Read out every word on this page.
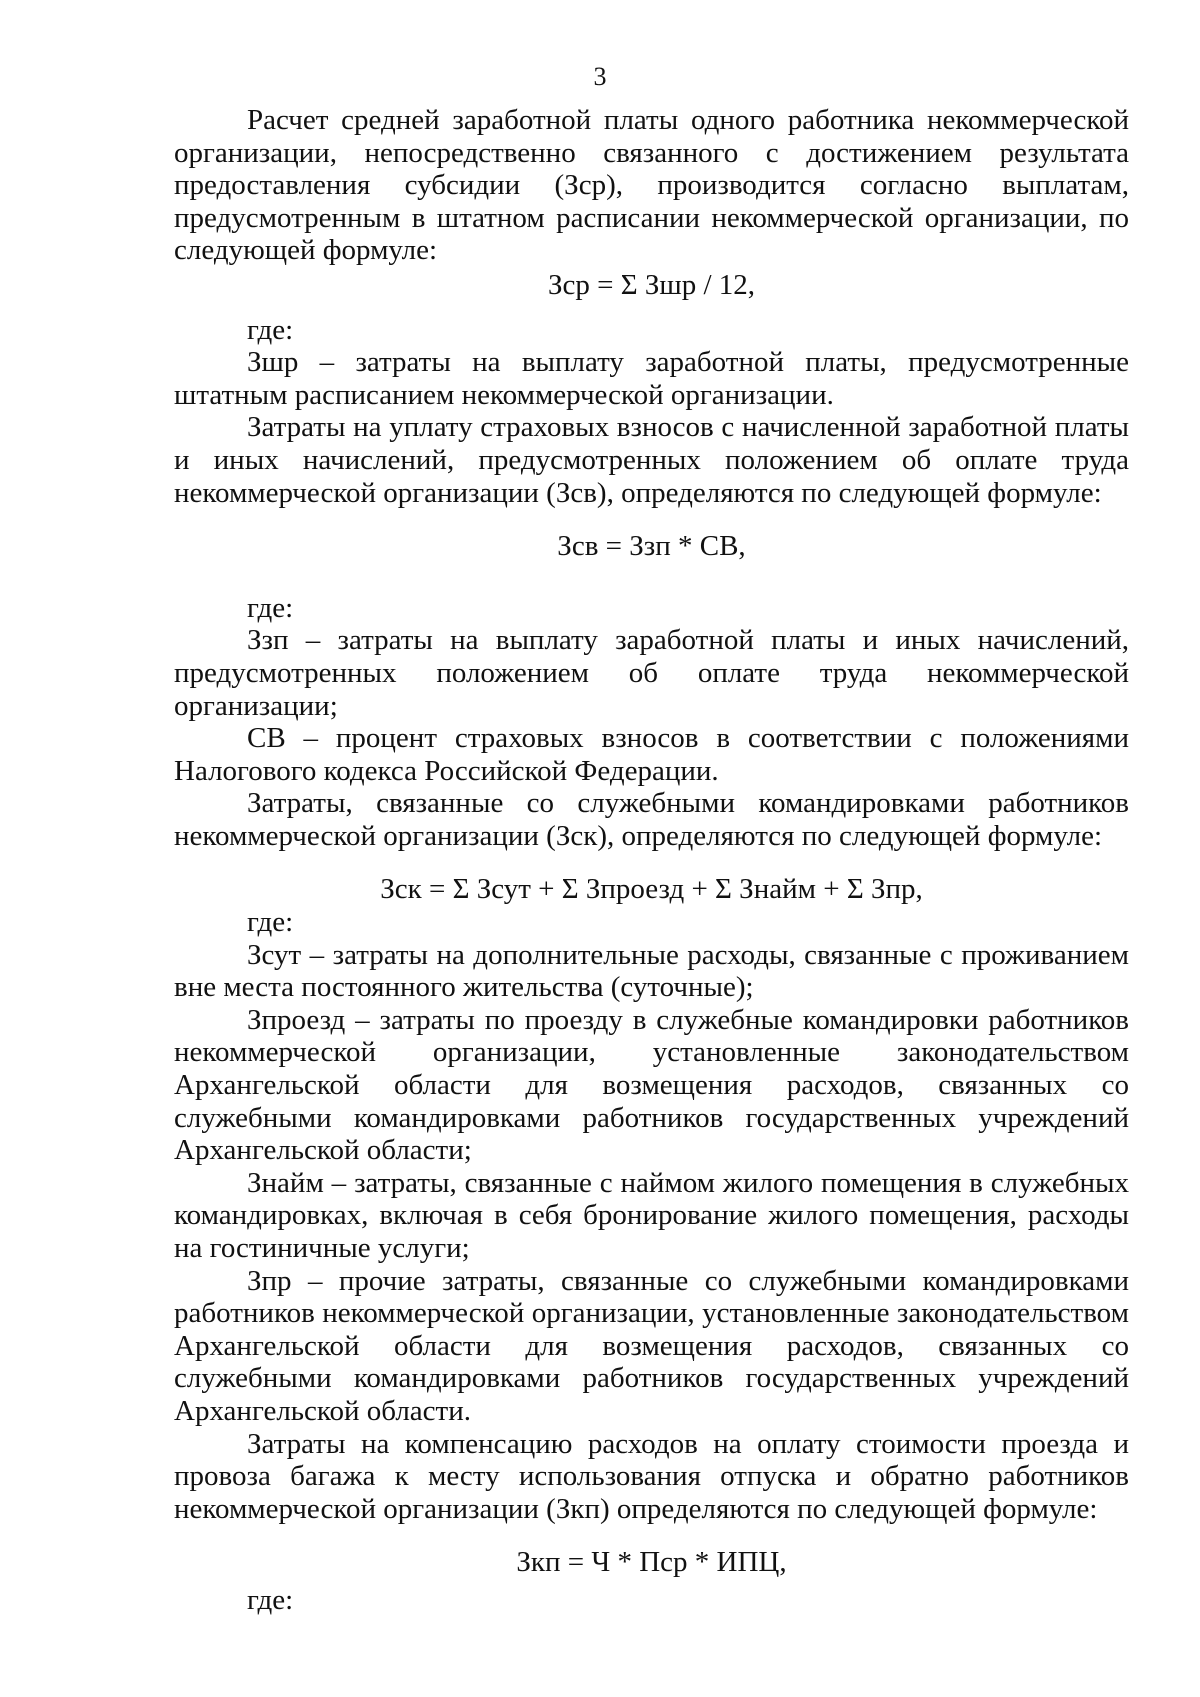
3

Расчет средней заработной платы одного работника некоммерческой организации, непосредственно связанного с достижением результата предоставления субсидии (Зср), производится согласно выплатам, предусмотренным в штатном расписании некоммерческой организации, по следующей формуле:

Зср = Σ Зшр / 12,

где:

Зшр – затраты на выплату заработной платы, предусмотренные штатным расписанием некоммерческой организации.

Затраты на уплату страховых взносов с начисленной заработной платы и иных начислений, предусмотренных положением об оплате труда некоммерческой организации (Зсв), определяются по следующей формуле:

Зсв = Ззп * СВ,

где:

Ззп – затраты на выплату заработной платы и иных начислений, предусмотренных положением об оплате труда некоммерческой организации;

СВ – процент страховых взносов в соответствии с положениями Налогового кодекса Российской Федерации.

Затраты, связанные со служебными командировками работников некоммерческой организации (Зск), определяются по следующей формуле:

Зск = Σ Зсут + Σ Зпроезд + Σ Знайм + Σ Зпр,

где:

Зсут – затраты на дополнительные расходы, связанные с проживанием вне места постоянного жительства (суточные);

Зпроезд – затраты по проезду в служебные командировки работников некоммерческой организации, установленные законодательством Архангельской области для возмещения расходов, связанных со служебными командировками работников государственных учреждений Архангельской области;

Знайм – затраты, связанные с наймом жилого помещения в служебных командировках, включая в себя бронирование жилого помещения, расходы на гостиничные услуги;

Зпр – прочие затраты, связанные со служебными командировками работников некоммерческой организации, установленные законодательством Архангельской области для возмещения расходов, связанных со служебными командировками работников государственных учреждений Архангельской области.

Затраты на компенсацию расходов на оплату стоимости проезда и провоза багажа к месту использования отпуска и обратно работников некоммерческой организации (Зкп) определяются по следующей формуле:

Зкп = Ч * Пср * ИПЦ,

где:
